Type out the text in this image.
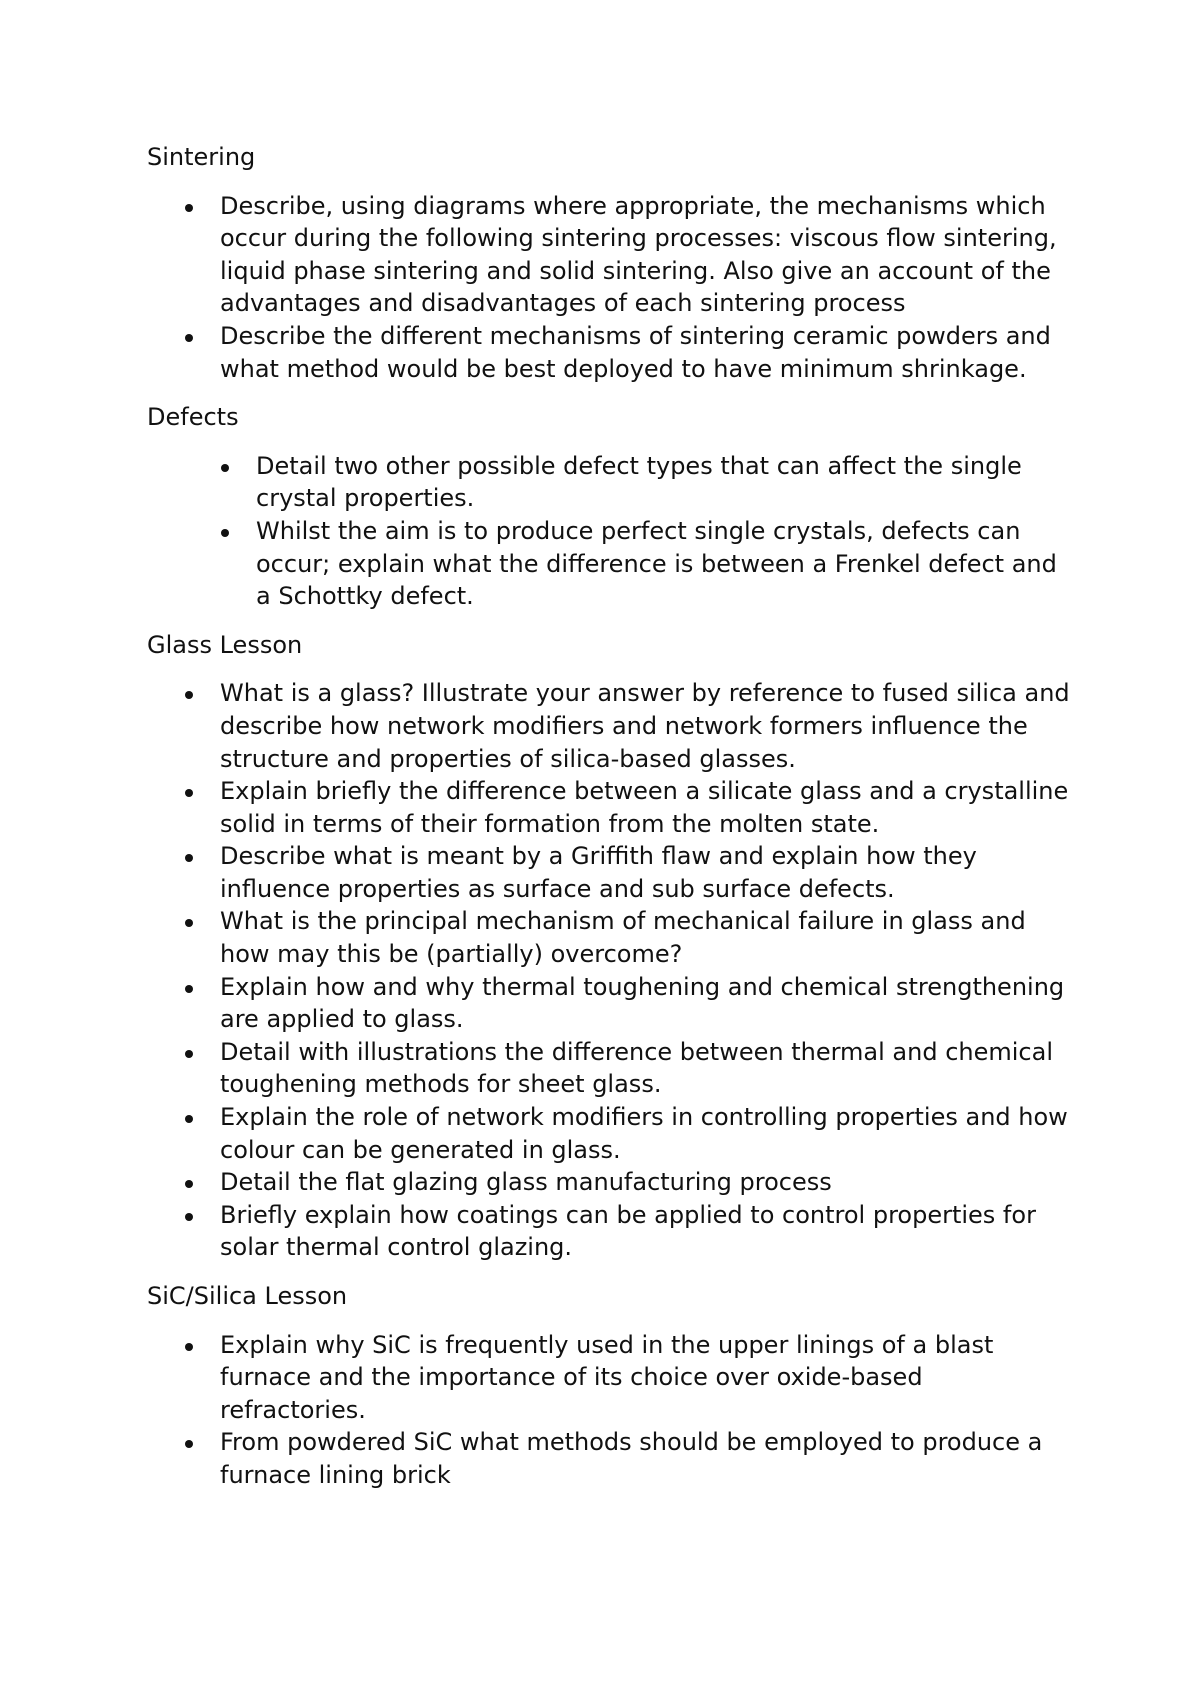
Sintering
Describe, using diagrams where appropriate, the mechanisms which occur during the following sintering processes: viscous flow sintering, liquid phase sintering and solid sintering. Also give an account of the advantages and disadvantages of each sintering process
Describe the different mechanisms of sintering ceramic powders and what method would be best deployed to have minimum shrinkage.
Defects
Detail two other possible defect types that can affect the single crystal properties.
Whilst the aim is to produce perfect single crystals, defects can occur; explain what the difference is between a Frenkel defect and a Schottky defect.
Glass Lesson
What is a glass? Illustrate your answer by reference to fused silica and describe how network modifiers and network formers influence the structure and properties of silica-based glasses.
Explain briefly the difference between a silicate glass and a crystalline solid in terms of their formation from the molten state.
Describe what is meant by a Griffith flaw and explain how they influence properties as surface and sub surface defects.
What is the principal mechanism of mechanical failure in glass and how may this be (partially) overcome?
Explain how and why thermal toughening and chemical strengthening are applied to glass.
Detail with illustrations the difference between thermal and chemical toughening methods for sheet glass.
Explain the role of network modifiers in controlling properties and how colour can be generated in glass.
Detail the flat glazing glass manufacturing process
Briefly explain how coatings can be applied to control properties for solar thermal control glazing.
SiC/Silica Lesson
Explain why SiC is frequently used in the upper linings of a blast furnace and the importance of its choice over oxide-based refractories.
From powdered SiC what methods should be employed to produce a furnace lining brick
